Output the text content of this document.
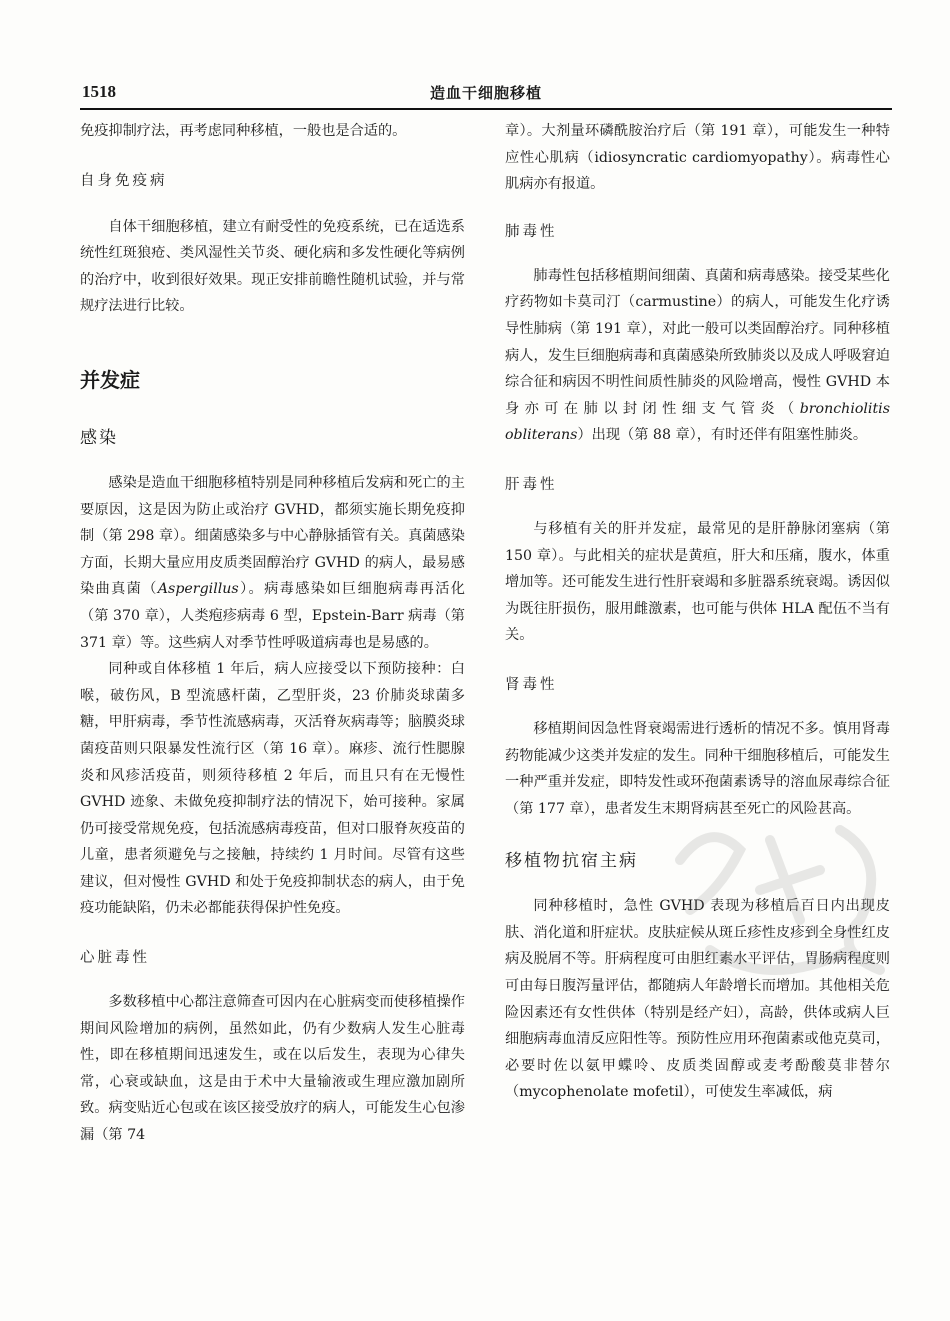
1518	造血干细胞移植

免疫抑制疗法，再考虑同种移植，一般也是合适的。

自身免疫病

自体干细胞移植，建立有耐受性的免疫系统，已在适选系统性红斑狼疮、类风湿性关节炎、硬化病和多发性硬化等病例的治疗中，收到很好效果。现正安排前瞻性随机试验，并与常规疗法进行比较。

并发症

感染

感染是造血干细胞移植特别是同种移植后发病和死亡的主要原因，这是因为防止或治疗 GVHD，都须实施长期免疫抑制（第 298 章）。细菌感染多与中心静脉插管有关。真菌感染方面，长期大量应用皮质类固醇治疗 GVHD 的病人，最易感染曲真菌（Aspergillus）。病毒感染如巨细胞病毒再活化（第 370 章），人类疱疹病毒 6 型，Epstein-Barr 病毒（第 371 章）等。这些病人对季节性呼吸道病毒也是易感的。

同种或自体移植 1 年后，病人应接受以下预防接种：白喉，破伤风，B 型流感杆菌，乙型肝炎，23 价肺炎球菌多糖，甲肝病毒，季节性流感病毒，灭活脊灰病毒等；脑膜炎球菌疫苗则只限暴发性流行区（第 16 章）。麻疹、流行性腮腺炎和风疹活疫苗，则须待移植 2 年后，而且只有在无慢性 GVHD 迹象、未做免疫抑制疗法的情况下，始可接种。家属仍可接受常规免疫，包括流感病毒疫苗，但对口服脊灰疫苗的儿童，患者须避免与之接触，持续约 1 月时间。尽管有这些建议，但对慢性 GVHD 和处于免疫抑制状态的病人，由于免疫功能缺陷，仍未必都能获得保护性免疫。

心脏毒性

多数移植中心都注意筛查可因内在心脏病变而使移植操作期间风险增加的病例，虽然如此，仍有少数病人发生心脏毒性，即在移植期间迅速发生，或在以后发生，表现为心律失常，心衰或缺血，这是由于术中大量输液或生理应激加剧所致。病变贴近心包或在该区接受放疗的病人，可能发生心包渗漏（第 74

章）。大剂量环磷酰胺治疗后（第 191 章），可能发生一种特应性心肌病（idiosyncratic cardiomyopathy）。病毒性心肌病亦有报道。

肺毒性

肺毒性包括移植期间细菌、真菌和病毒感染。接受某些化疗药物如卡莫司汀（carmustine）的病人，可能发生化疗诱导性肺病（第 191 章），对此一般可以类固醇治疗。同种移植病人，发生巨细胞病毒和真菌感染所致肺炎以及成人呼吸窘迫综合征和病因不明性间质性肺炎的风险增高，慢性 GVHD 本身亦可在肺以封闭性细支气管炎（bronchiolitis obliterans）出现（第 88 章），有时还伴有阻塞性肺炎。

肝毒性

与移植有关的肝并发症，最常见的是肝静脉闭塞病（第 150 章）。与此相关的症状是黄疸，肝大和压痛，腹水，体重增加等。还可能发生进行性肝衰竭和多脏器系统衰竭。诱因似为既往肝损伤，服用雌激素，也可能与供体 HLA 配伍不当有关。

肾毒性

移植期间因急性肾衰竭需进行透析的情况不多。慎用肾毒药物能减少这类并发症的发生。同种干细胞移植后，可能发生一种严重并发症，即特发性或环孢菌素诱导的溶血尿毒综合征（第 177 章），患者发生末期肾病甚至死亡的风险甚高。

移植物抗宿主病

同种移植时，急性 GVHD 表现为移植后百日内出现皮肤、消化道和肝症状。皮肤症候从斑丘疹性皮疹到全身性红皮病及脱屑不等。肝病程度可由胆红素水平评估，胃肠病程度则可由每日腹泻量评估，都随病人年龄增长而增加。其他相关危险因素还有女性供体（特别是经产妇），高龄，供体或病人巨细胞病毒血清反应阳性等。预防性应用环孢菌素或他克莫司，必要时佐以氨甲蝶呤、皮质类固醇或麦考酚酸莫非替尔（mycophenolate mofetil），可使发生率减低，病
